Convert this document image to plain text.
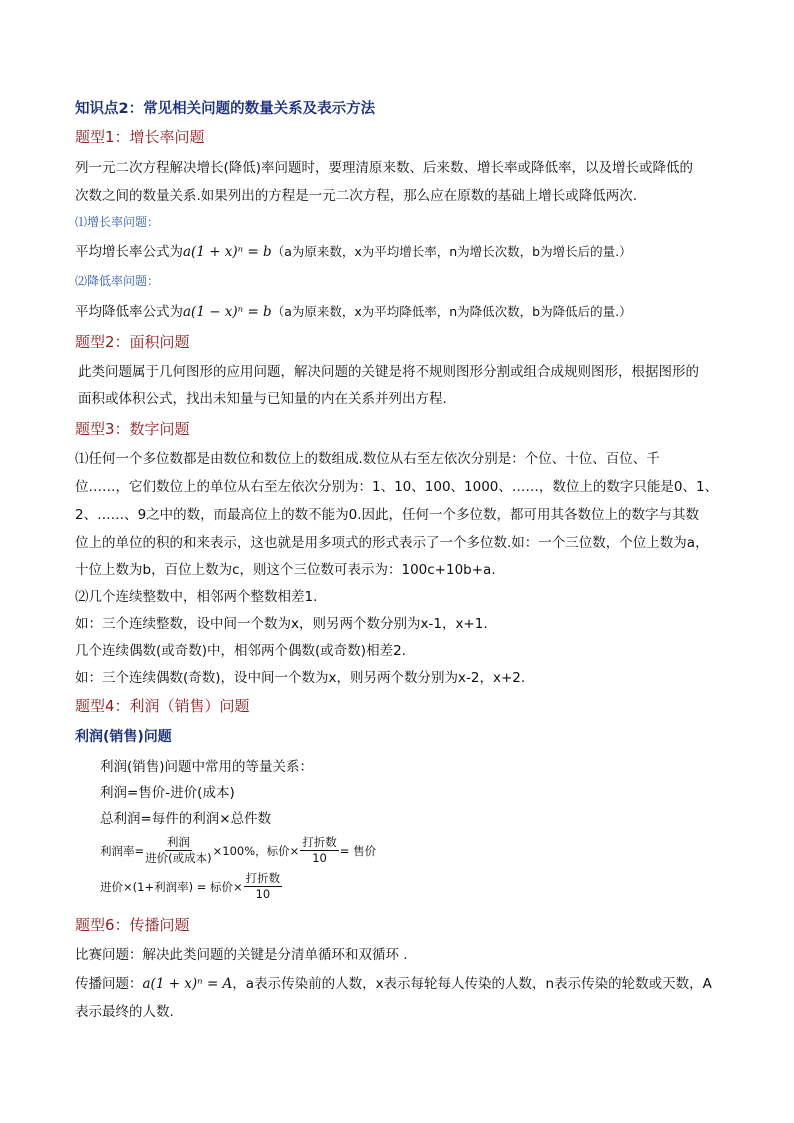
知识点2：常见相关问题的数量关系及表示方法
题型1：增长率问题
列一元二次方程解决增长(降低)率问题时，要理清原来数、后来数、增长率或降低率，以及增长或降低的
次数之间的数量关系.如果列出的方程是一元二次方程，那么应在原数的基础上增长或降低两次.
⑴增长率问题：
平均增长率公式为a(1 + x)ⁿ = b（a为原来数，x为平均增长率，n为增长次数，b为增长后的量.）
⑵降低率问题：
平均降低率公式为a(1 − x)ⁿ = b（a为原来数，x为平均降低率，n为降低次数，b为降低后的量.）
题型2：面积问题
此类问题属于几何图形的应用问题，解决问题的关键是将不规则图形分割或组合成规则图形，根据图形的
面积或体积公式，找出未知量与已知量的内在关系并列出方程.
题型3：数字问题
⑴任何一个多位数都是由数位和数位上的数组成.数位从右至左依次分别是：个位、十位、百位、千
位……，它们数位上的单位从右至左依次分别为：1、10、100、1000、……，数位上的数字只能是0、1、
2、……、9之中的数，而最高位上的数不能为0.因此，任何一个多位数，都可用其各数位上的数字与其数
位上的单位的积的和来表示，这也就是用多项式的形式表示了一个多位数.如：一个三位数，个位上数为a，
十位上数为b，百位上数为c，则这个三位数可表示为：100c+10b+a.
⑵几个连续整数中，相邻两个整数相差1.
如：三个连续整数，设中间一个数为x，则另两个数分别为x-1，x+1.
几个连续偶数(或奇数)中，相邻两个偶数(或奇数)相差2.
如：三个连续偶数(奇数)，设中间一个数为x，则另两个数分别为x-2，x+2.
题型4：利润（销售）问题
利润(销售)问题
利润(销售)问题中常用的等量关系：
利润=售价-进价(成本)
总利润=每件的利润×总件数
利润率= $\frac{\text{利润}}{\text{进价(或成本)}} \times 100\%$，标价× $\frac{\text{打折数}}{10}$ = 售价
进价×(1+利润率) = 标价× $\frac{\text{打折数}}{10}$
题型6：传播问题
比赛问题：解决此类问题的关键是分清单循环和双循环 .
传播问题：a(1 + x)ⁿ = A，a表示传染前的人数，x表示每轮每人传染的人数，n表示传染的轮数或天数，A
表示最终的人数.
